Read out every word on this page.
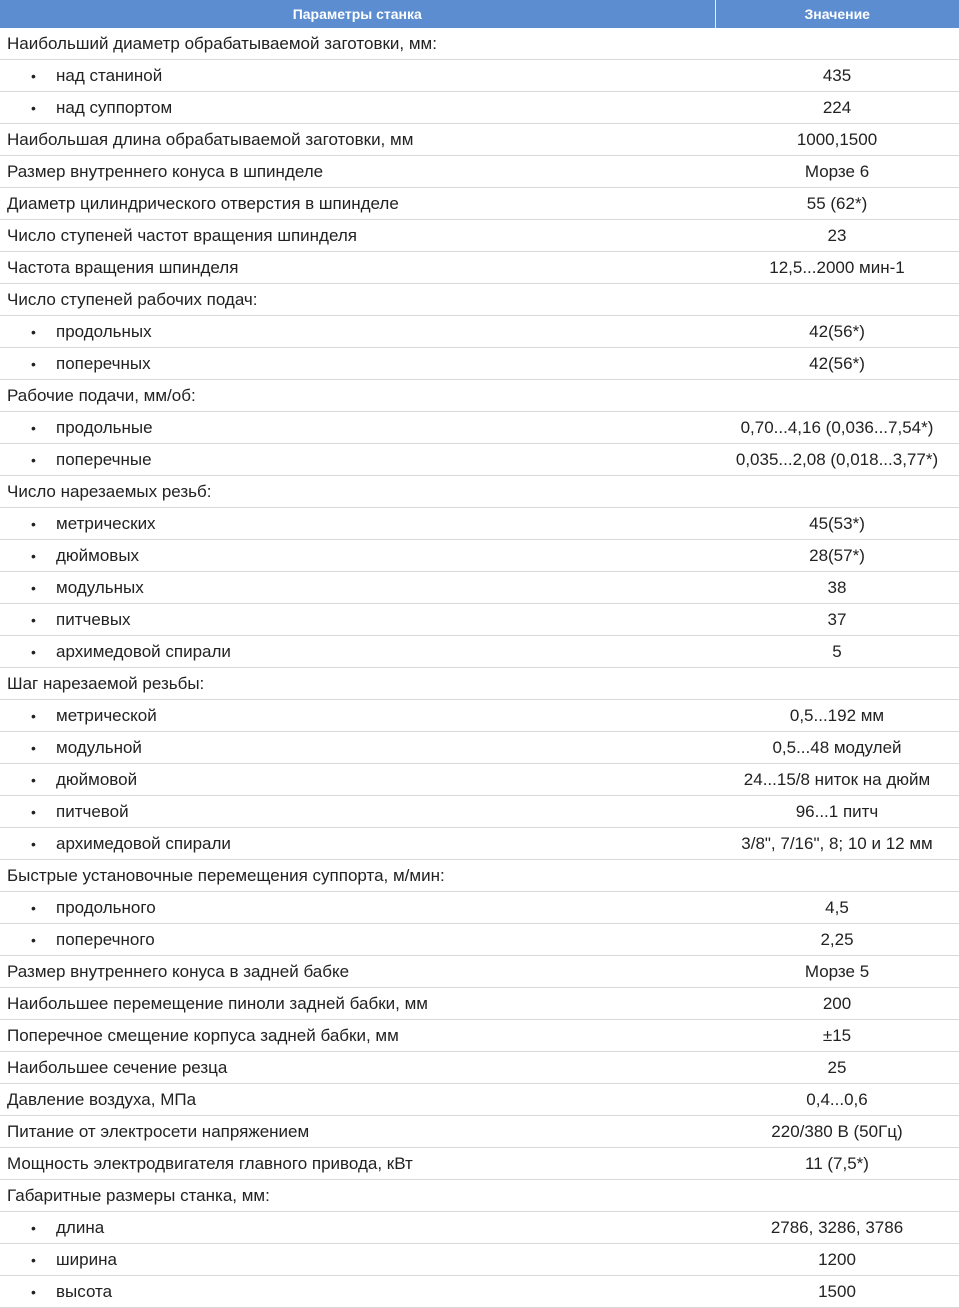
Параметры станка	Значение
Наибольший диаметр обрабатываемой заготовки, мм:	
• над станиной	435
• над суппортом	224
Наибольшая длина обрабатываемой заготовки, мм	1000,1500
Размер внутреннего конуса в шпинделе	Морзе 6
Диаметр цилиндрического отверстия в шпинделе	55 (62*)
Число ступеней частот вращения шпинделя	23
Частота вращения шпинделя	12,5...2000 мин-1
Число ступеней рабочих подач:	
• продольных	42(56*)
• поперечных	42(56*)
Рабочие подачи, мм/об:	
• продольные	0,70...4,16 (0,036...7,54*)
• поперечные	0,035...2,08 (0,018...3,77*)
Число нарезаемых резьб:	
• метрических	45(53*)
• дюймовых	28(57*)
• модульных	38
• питчевых	37
• архимедовой спирали	5
Шаг нарезаемой резьбы:	
• метрической	0,5...192 мм
• модульной	0,5...48 модулей
• дюймовой	24...15/8 ниток на дюйм
• питчевой	96...1 питч
• архимедовой спирали	3/8", 7/16", 8; 10 и 12 мм
Быстрые установочные перемещения суппорта, м/мин:	
• продольного	4,5
• поперечного	2,25
Размер внутреннего конуса в задней бабке	Морзе 5
Наибольшее перемещение пиноли задней бабки, мм	200
Поперечное смещение корпуса задней бабки, мм	±15
Наибольшее сечение резца	25
Давление воздуха, МПа	0,4...0,6
Питание от электросети напряжением	220/380 В (50Гц)
Мощность электродвигателя главного привода, кВт	11 (7,5*)
Габаритные размеры станка, мм:	
• длина	2786, 3286, 3786
• ширина	1200
• высота	1500
